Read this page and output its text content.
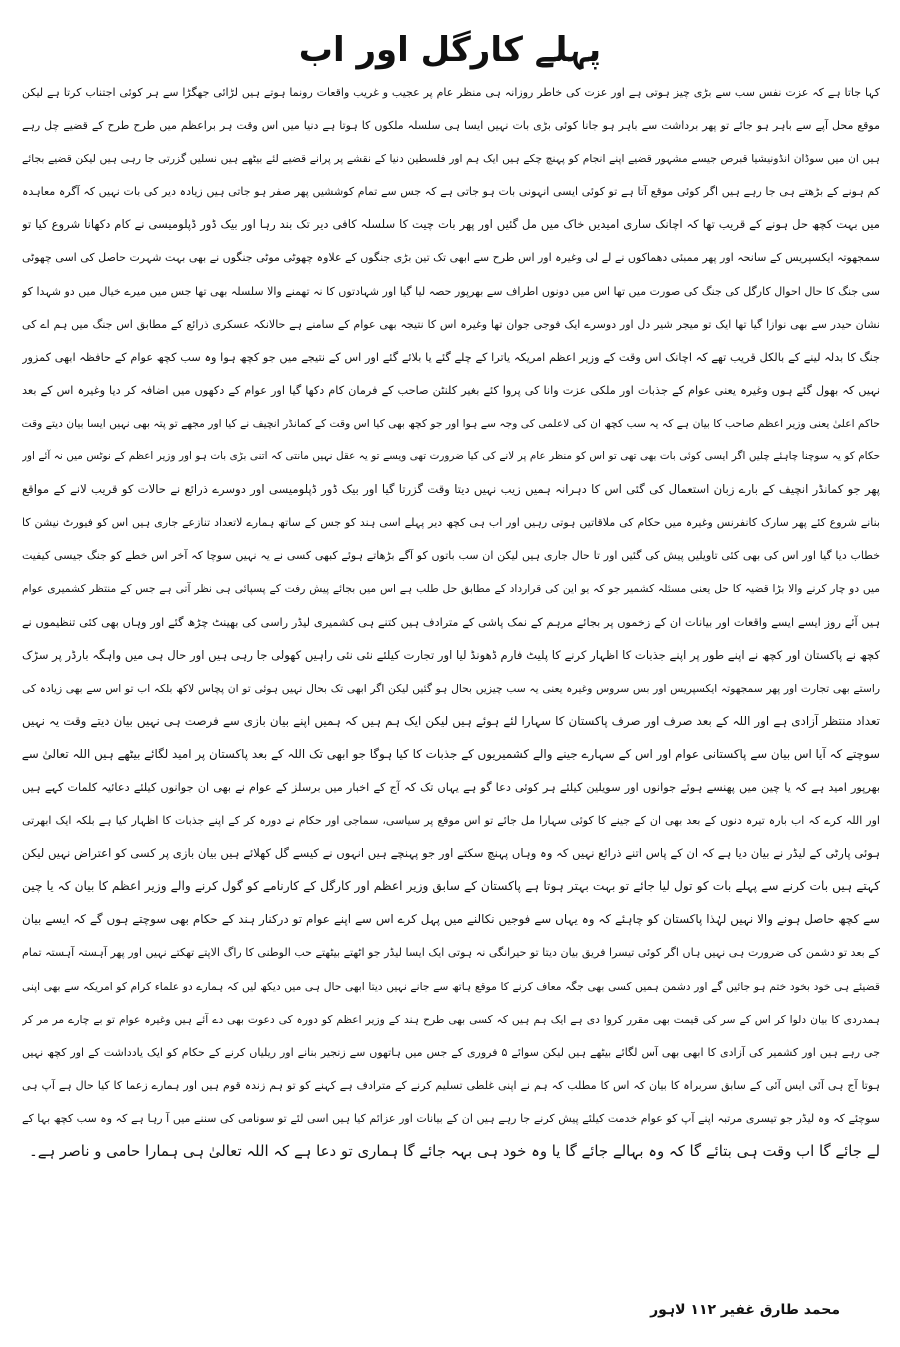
پہلے کارگل اور اب
کہا جاتا ہے کہ عزت نفس سب سے بڑی چیز ہوتی ہے اور عزت کی خاطر روزانہ ہی منظر عام پر عجیب و غریب واقعات رونما ہوتے ہیں لڑائی جھگڑا سے ہر کوئی اجتناب کرتا ہے لیکن
موقع محل آپے سے باہر ہو جائے تو پھر برداشت سے باہر ہو جانا کوئی بڑی بات نہیں ایسا ہی سلسلہ ملکوں کا ہوتا ہے دنیا میں اس وقت ہر براعظم میں طرح طرح کے قضیے چل رہے
ہیں ان میں سوڈان انڈونیشیا قبرص جیسے مشہور قضیے اپنے انجام کو پہنچ چکے ہیں ایک ہم اور فلسطین دنیا کے نقشے پر پرانے قضیے لئے بیٹھے ہیں نسلیں گزرتی جا رہی ہیں لیکن قضیے بجائے
کم ہونے کے بڑھتے ہی جا رہے ہیں اگر کوئی موقع آتا ہے تو کوئی ایسی انہونی بات ہو جاتی ہے کہ جس سے تمام کوششیں پھر صفر ہو جاتی ہیں زیادہ دیر کی بات نہیں کہ آگرہ معاہدہ
میں بہت کچھ حل ہونے کے قریب تھا کہ اچانک ساری امیدیں خاک میں مل گئیں اور پھر بات چیت کا سلسلہ کافی دیر تک بند رہا اور بیک ڈور ڈپلومیسی نے کام دکھانا شروع کیا تو
سمجھوتہ ایکسپریس کے سانحہ اور پھر ممبئی دھماکوں نے لے لی وغیرہ اور اس طرح سے ابھی تک تین بڑی جنگوں کے علاوہ چھوٹی موٹی جنگوں نے بھی بہت شہرت حاصل کی اسی چھوٹی
سی جنگ کا حال احوال کارگل کی جنگ کی صورت میں تھا اس میں دونوں اطراف سے بھرپور حصہ لیا گیا اور شہادتوں کا نہ تھمنے والا سلسلہ بھی تھا جس میں میرے خیال میں دو شہدا کو
نشان حیدر سے بھی نوازا گیا تھا ایک تو میجر شیر دل اور دوسرے ایک فوجی جوان تھا وغیرہ اس کا نتیجہ بھی عوام کے سامنے ہے حالانکہ عسکری ذرائع کے مطابق اس جنگ میں ہم اے کی
جنگ کا بدلہ لینے کے بالکل قریب تھے کہ اچانک اس وقت کے وزیر اعظم امریکہ یاترا کے چلے گئے یا بلائے گئے اور اس کے نتیجے میں جو کچھ ہوا وہ سب کچھ عوام کے حافظہ ابھی کمزور
نہیں کہ بھول گئے ہوں وغیرہ یعنی عوام کے جذبات اور ملکی عزت وانا کی پروا کئے بغیر کلنٹن صاحب کے فرمان کام دکھا گیا اور عوام کے دکھوں میں اضافہ کر دیا وغیرہ اس کے بعد
حاکم اعلیٰ یعنی وزیر اعظم صاحب کا بیان ہے کہ یہ سب کچھ ان کی لاعلمی کی وجہ سے ہوا اور جو کچھ بھی کیا اس وقت کے کمانڈر انچیف نے کیا اور مجھے تو پتہ بھی نہیں ایسا بیان دیتے وقت
حکام کو یہ سوچنا چاہئے چلیں اگر ایسی کوئی بات بھی تھی تو اس کو منظر عام پر لانے کی کیا ضرورت تھی ویسے تو یہ عقل نہیں مانتی کہ اتنی بڑی بات ہو اور وزیر اعظم کے نوٹس میں نہ آئے اور
پھر جو کمانڈر انچیف کے بارے زبان استعمال کی گئی اس کا دہرانہ ہمیں زیب نہیں دیتا وقت گزرتا گیا اور بیک ڈور ڈپلومیسی اور دوسرے ذرائع نے حالات کو قریب لانے کے مواقع
بنانے شروع کئے پھر سارک کانفرنس وغیرہ میں حکام کی ملاقاتیں ہوتی رہیں اور اب ہی کچھ دیر پہلے اسی ہند کو جس کے ساتھ ہمارے لاتعداد تنازعے جاری ہیں اس کو فیورٹ نیشن کا
خطاب دیا گیا اور اس کی بھی کئی تاویلیں پیش کی گئیں اور تا حال جاری ہیں لیکن ان سب باتوں کو آگے بڑھاتے ہوئے کبھی کسی نے یہ نہیں سوچا کہ آخر اس خطے کو جنگ جیسی کیفیت
میں دو چار کرنے والا بڑا قضیہ کا حل یعنی مسئلہ کشمیر جو کہ یو این کی قرارداد کے مطابق حل طلب ہے اس میں بجائے پیش رفت کے پسپائی ہی نظر آتی ہے جس کے منتظر کشمیری عوام
ہیں آئے روز ایسے ایسے واقعات اور بیانات ان کے زخموں پر بجائے مرہم کے نمک پاشی کے مترادف ہیں کتنے ہی کشمیری لیڈر راسی کی بھینٹ چڑھ گئے اور وہاں بھی کئی تنظیموں نے
کچھ نے پاکستان اور کچھ نے اپنے طور پر اپنے جذبات کا اظہار کرنے کا پلیٹ فارم ڈھونڈ لیا اور تجارت کیلئے نئی نئی راہیں کھولی جا رہی ہیں اور حال ہی میں واہگہ بارڈر پر سڑک
راستے بھی تجارت اور پھر سمجھوتہ ایکسپریس اور بس سروس وغیرہ یعنی یہ سب چیزیں بحال ہو گئیں لیکن اگر ابھی تک بحال نہیں ہوئی تو ان پچاس لاکھ بلکہ اب تو اس سے بھی زیادہ کی
تعداد منتظر آزادی ہے اور اللہ کے بعد صرف اور صرف پاکستان کا سہارا لئے ہوئے ہیں لیکن ایک ہم ہیں کہ ہمیں اپنے بیان بازی سے فرصت ہی نہیں بیان دیتے وقت یہ نہیں
سوچتے کہ آیا اس بیان سے پاکستانی عوام اور اس کے سہارے جینے والے کشمیریوں کے جذبات کا کیا ہوگا جو ابھی تک اللہ کے بعد پاکستان پر امید لگائے بیٹھے ہیں اللہ تعالیٰ سے
بھرپور امید ہے کہ یا چین میں پھنسے ہوئے جوانوں اور سویلین کیلئے ہر کوئی دعا گو ہے یہاں تک کہ آج کے اخبار میں برسلز کے عوام نے بھی ان جوانوں کیلئے دعائیہ کلمات کہے ہیں
اور اللہ کرے کہ اب بارہ تیرہ دنوں کے بعد بھی ان کے جینے کا کوئی سہارا مل جائے تو اس موقع پر سیاسی، سماجی اور حکام نے دورہ کر کے اپنے جذبات کا اظہار کیا ہے بلکہ ایک ابھرتی
ہوئی پارٹی کے لیڈر نے بیان دیا ہے کہ ان کے پاس اتنے ذرائع نہیں کہ وہ وہاں پہنچ سکتے اور جو پہنچے ہیں انہوں نے کیسے گل کھلائے ہیں بیان بازی پر کسی کو اعتراض نہیں لیکن
کہتے ہیں بات کرنے سے پہلے بات کو تول لیا جائے تو بہت بہتر ہوتا ہے پاکستان کے سابق وزیر اعظم اور کارگل کے کارنامے کو گول کرنے والے وزیر اعظم کا بیان کہ یا چین
سے کچھ حاصل ہونے والا نہیں لہٰذا پاکستان کو چاہئے کہ وہ یہاں سے فوجیں نکالنے میں پہل کرے اس سے اپنے عوام تو درکنار ہند کے حکام بھی سوچتے ہوں گے کہ ایسے بیان
کے بعد تو دشمن کی ضرورت ہی نہیں ہاں اگر کوئی تیسرا فریق بیان دیتا تو حیرانگی نہ ہوتی ایک ایسا لیڈر جو اٹھتے بیٹھتے حب الوطنی کا راگ الاپتے تھکتے نہیں اور پھر آہستہ آہستہ تمام
قضیئے ہی خود بخود ختم ہو جائیں گے اور دشمن ہمیں کسی بھی جگہ معاف کرنے کا موقع ہاتھ سے جانے نہیں دیتا ابھی حال ہی میں دیکھ لیں کہ ہمارے دو علماء کرام کو امریکہ سے بھی اپنی
ہمدردی کا بیان دلوا کر اس کے سر کی قیمت بھی مقرر کروا دی ہے ایک ہم ہیں کہ کسی بھی طرح ہند کے وزیر اعظم کو دورہ کی دعوت بھی دے آئے ہیں وغیرہ عوام تو بے چارے مر مر کر
جی رہے ہیں اور کشمیر کی آزادی کا ابھی بھی آس لگائے بیٹھے ہیں لیکن سوائے ۵ فروری کے جس میں ہاتھوں سے زنجیر بنانے اور ریلیاں کرنے کے حکام کو ایک یادداشت کے اور کچھ نہیں
ہوتا آج ہی آئی ایس آئی کے سابق سربراہ کا بیان کہ اس کا مطلب کہ ہم نے اپنی غلطی تسلیم کرنے کے مترادف ہے کہنے کو تو ہم زندہ قوم ہیں اور ہمارے زعما کا کیا حال ہے آپ ہی
سوچئے کہ وہ لیڈر جو تیسری مرتبہ اپنے آپ کو عوام خدمت کیلئے پیش کرنے جا رہے ہیں ان کے بیانات اور عزائم کیا ہیں اسی لئے تو سونامی کی سننے میں آ رہا ہے کہ وہ سب کچھ بہا کے
لے جائے گا اب وقت ہی بتائے گا کہ وہ بہالے جائے گا یا وہ خود ہی بہہ جائے گا ہماری تو دعا ہے کہ اللہ تعالیٰ ہی ہمارا حامی و ناصر ہے۔
محمد طارق غفیر ۱۱۲ لاہور
